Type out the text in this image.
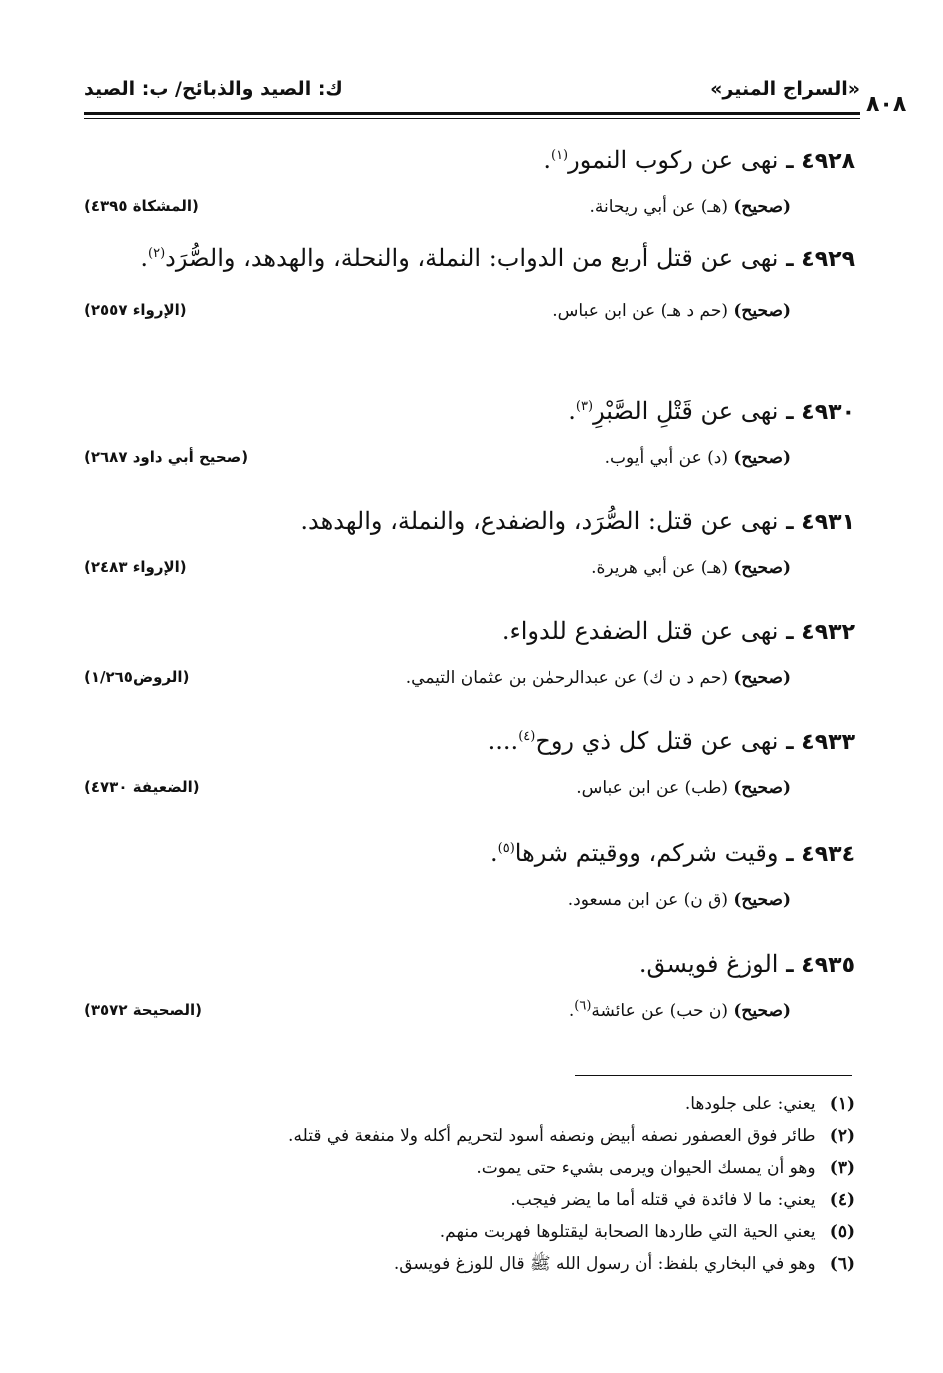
«السراج المنير»
ك: الصيد والذبائح/ ب: الصيد
٨٠٨
٤٩٢٨ ـ نهى عن ركوب النمور$^{(١)}$.
(صحيح) (هـ) عن أبي ريحانة.
(المشكاة ٤٣٩٥)
٤٩٢٩ ـ نهى عن قتل أربع من الدواب: النملة، والنحلة، والهدهد، والصُّرَد$^{(٢)}$.
(صحيح) (حم د هـ) عن ابن عباس.
(الإرواء ٢٥٥٧)
٤٩٣٠ ـ نهى عن قَتْلِ الصَّبْرِ$^{(٣)}$.
(صحيح) (د) عن أبي أيوب.
(صحيح أبي داود ٢٦٨٧)
٤٩٣١ ـ نهى عن قتل: الصُّرَد، والضفدع، والنملة، والهدهد.
(صحيح) (هـ) عن أبي هريرة.
(الإرواء ٢٤٨٣)
٤٩٣٢ ـ نهى عن قتل الضفدع للدواء.
(صحيح) (حم د ن ك) عن عبدالرحمٰن بن عثمان التيمي.
(الروض١/٢٦٥)
٤٩٣٣ ـ نهى عن قتل كل ذي روح$^{(٤)}$....
(صحيح) (طب) عن ابن عباس.
(الضعيفة ٤٧٣٠)
٤٩٣٤ ـ وقيت شركم، ووقيتم شرها$^{(٥)}$.
(صحيح) (ق ن) عن ابن مسعود.
٤٩٣٥ ـ الوزغ فويسق.
(صحيح) (ن حب) عن عائشة$^{(٦)}$.
(الصحيحة ٣٥٧٢)
(١) يعني: على جلودها.
(٢) طائر فوق العصفور نصفه أبيض ونصفه أسود لتحريم أكله ولا منفعة في قتله.
(٣) وهو أن يمسك الحيوان ويرمى بشيء حتى يموت.
(٤) يعني: ما لا فائدة في قتله أما ما يضر فيجب.
(٥) يعني الحية التي طاردها الصحابة ليقتلوها فهربت منهم.
(٦) وهو في البخاري بلفظ: أن رسول الله ﷺ قال للوزغ فويسق.
